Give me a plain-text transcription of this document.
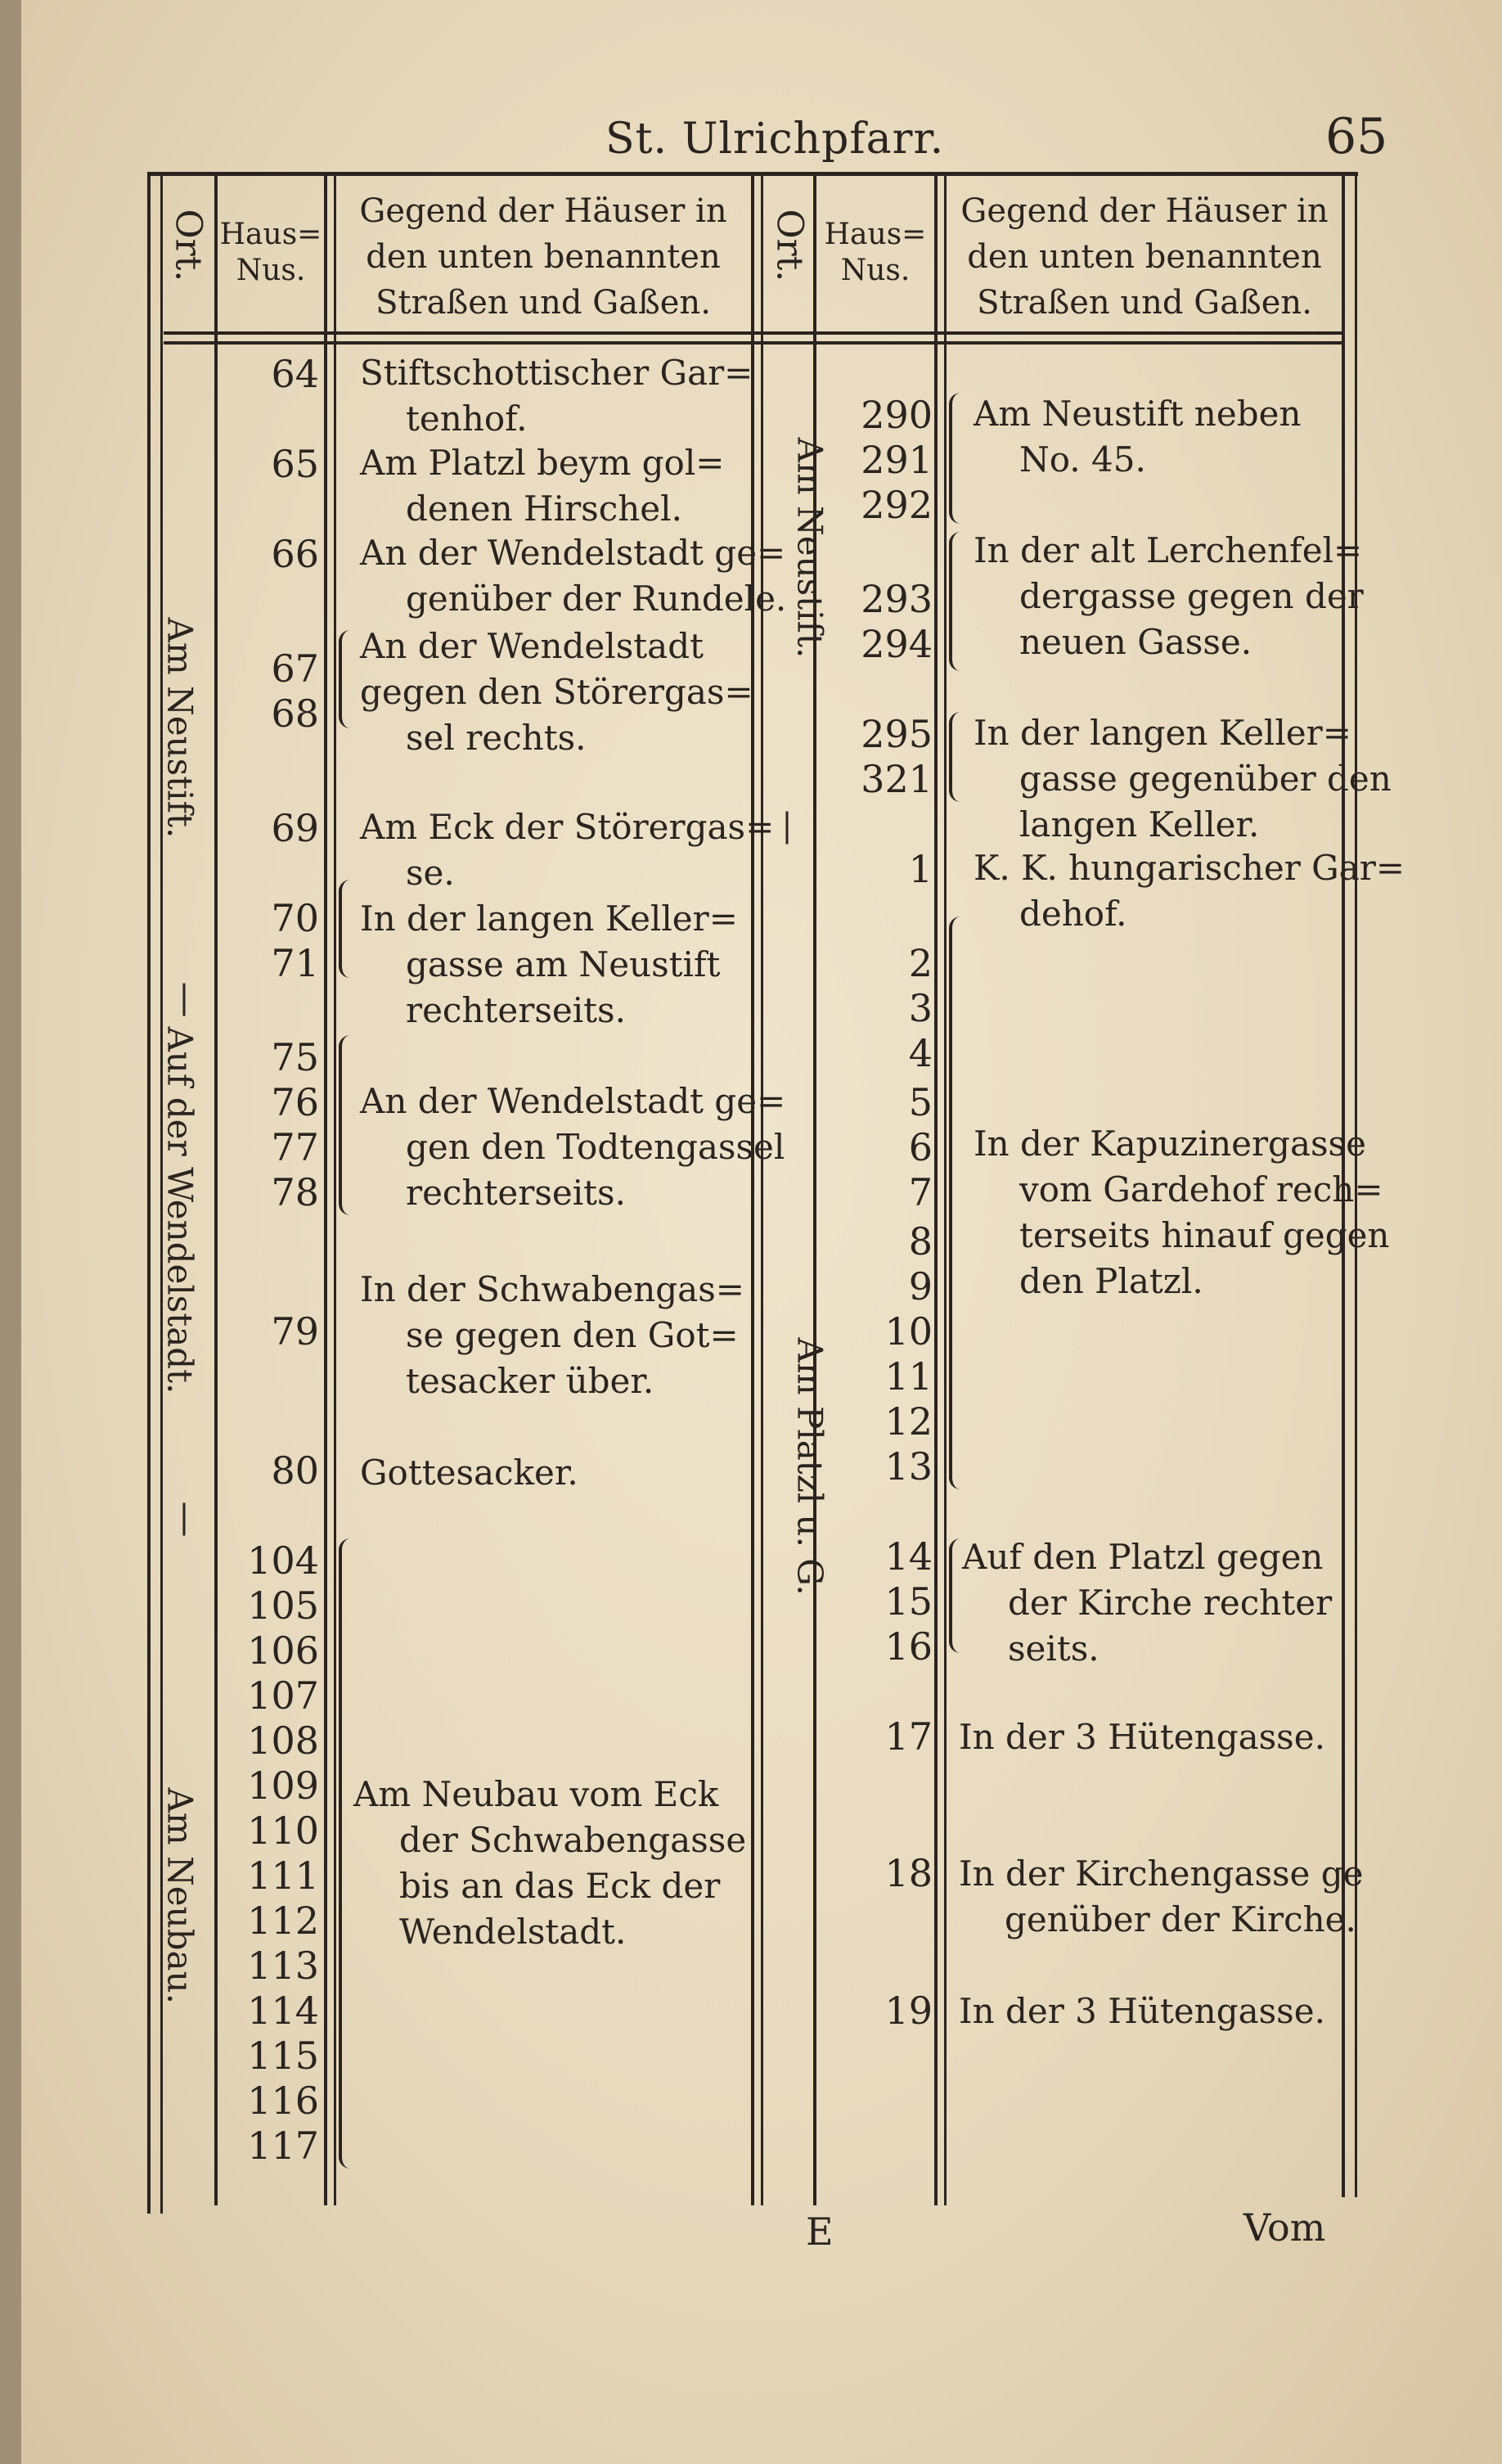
St. Ulrichpfarr.	65
Ort. Haus=
Nus.
Gegend der Häuser in
den unten benannten
Straßen und Gaßen.
Ort. Haus=
Nus.
Gegend der Häuser in
den unten benannten
Straßen und Gaßen.
Am Neustift.
Auf der Wendelstadt.
Am Neubau.
Am Neustift.
Am Platzl u. G.
64
65
66
67
68
69
70
71
75
76
77
78
79
80
104
105
106
107
108
109
110
111
112
113
114
115
116
117
Stiftschottischer Gar=
tenhof.
Am Platzl beym gol=
denen Hirschel.
An der Wendelstadt ge=
genüber der Rundele.
An der Wendelstadt
gegen den Störergas=
sel rechts.
Am Eck der Störergas=
se.
In der langen Keller=
gasse am Neustift
rechterseits.
An der Wendelstadt ge=
gen den Todtengassel
rechterseits.
In der Schwabengas=
se gegen den Got=
tesacker über.
Gottesacker.
Am Neubau vom Eck
der Schwabengasse
bis an das Eck der
Wendelstadt.
290
291
292
293
294
295
321
1
2
3
4
5
6
7
8
9
10
11
12
13
14
15
16
17
18
19
Am Neustift neben
No. 45.
In der alt Lerchenfel=
dergasse gegen der
neuen Gasse.
In der langen Keller=
gasse gegenüber den
langen Keller.
K. K. hungarischer Gar=
dehof.
In der Kapuzinergasse
vom Gardehof rech=
terseits hinauf gegen
den Platzl.
Auf den Platzl gegen
der Kirche rechter
seits.
In der 3 Hütengasse.
In der Kirchengasse ge
genüber der Kirche.
In der 3 Hütengasse.
E	Vom
